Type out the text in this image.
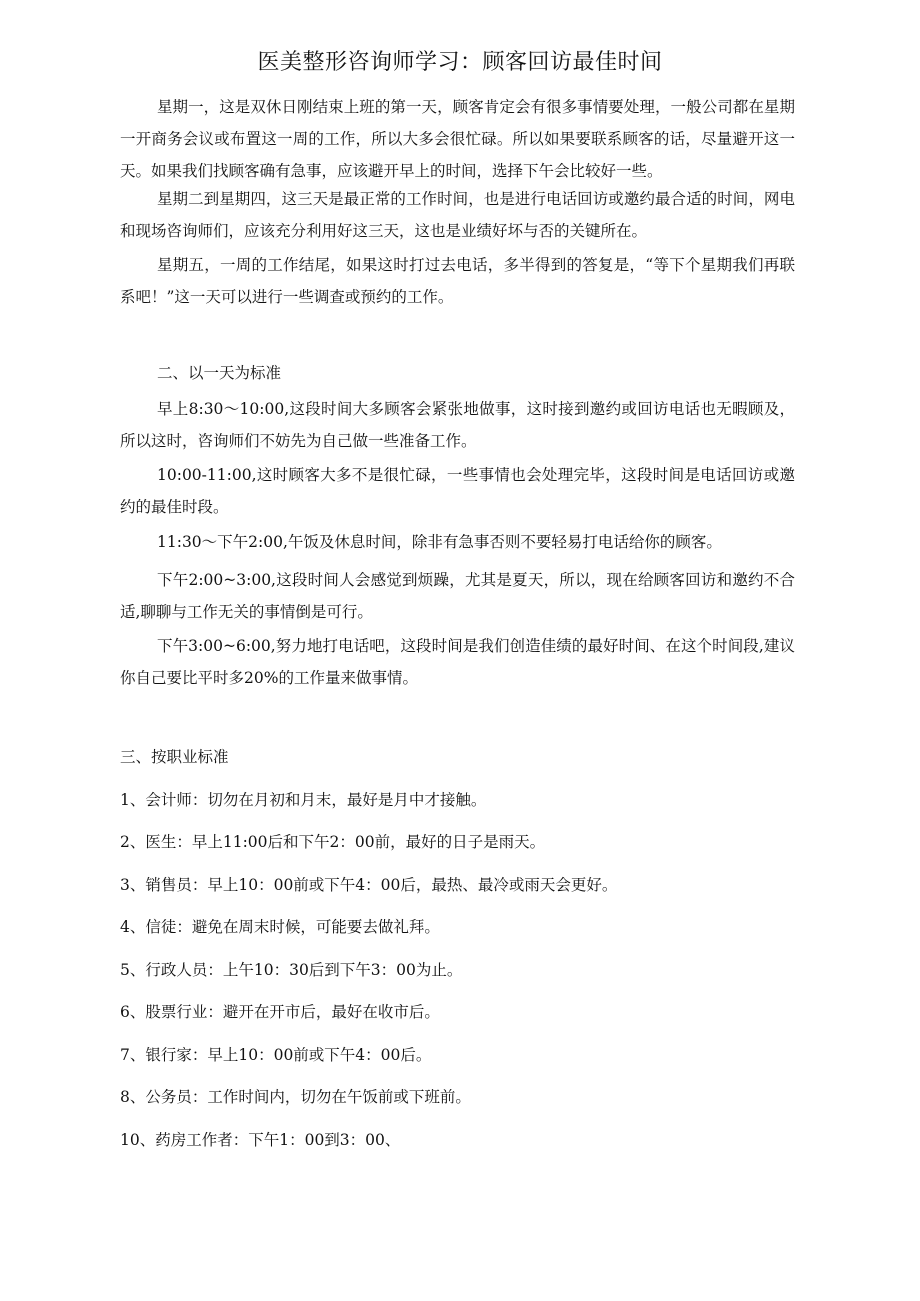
医美整形咨询师学习：顾客回访最佳时间
星期一，这是双休日刚结束上班的第一天，顾客肯定会有很多事情要处理，一般公司都在星期一开商务会议或布置这一周的工作，所以大多会很忙碌。所以如果要联系顾客的话，尽量避开这一天。如果我们找顾客确有急事，应该避开早上的时间，选择下午会比较好一些。
星期二到星期四，这三天是最正常的工作时间，也是进行电话回访或邀约最合适的时间，网电和现场咨询师们，应该充分利用好这三天，这也是业绩好坏与否的关键所在。
星期五，一周的工作结尾，如果这时打过去电话，多半得到的答复是，“等下个星期我们再联系吧！”这一天可以进行一些调查或预约的工作。
二、以一天为标准
早上8:30～10:00,这段时间大多顾客会紧张地做事，这时接到邀约或回访电话也无暇顾及，所以这时，咨询师们不妨先为自己做一些准备工作。
10:00-11:00,这时顾客大多不是很忙碌，一些事情也会处理完毕，这段时间是电话回访或邀约的最佳时段。
11:30～下午2:00,午饭及休息时间，除非有急事否则不要轻易打电话给你的顾客。
下午2:00~3:00,这段时间人会感觉到烦躁，尤其是夏天，所以，现在给顾客回访和邀约不合适,聊聊与工作无关的事情倒是可行。
下午3:00~6:00,努力地打电话吧，这段时间是我们创造佳绩的最好时间、在这个时间段,建议你自己要比平时多20%的工作量来做事情。
三、按职业标准
1、会计师：切勿在月初和月末，最好是月中才接触。
2、医生：早上11:00后和下午2：00前，最好的日子是雨天。
3、销售员：早上10：00前或下午4：00后，最热、最冷或雨天会更好。
4、信徒：避免在周末时候，可能要去做礼拜。
5、行政人员：上午10：30后到下午3：00为止。
6、股票行业：避开在开市后，最好在收市后。
7、银行家：早上10：00前或下午4：00后。
8、公务员：工作时间内，切勿在午饭前或下班前。
10、药房工作者：下午1：00到3：00、
